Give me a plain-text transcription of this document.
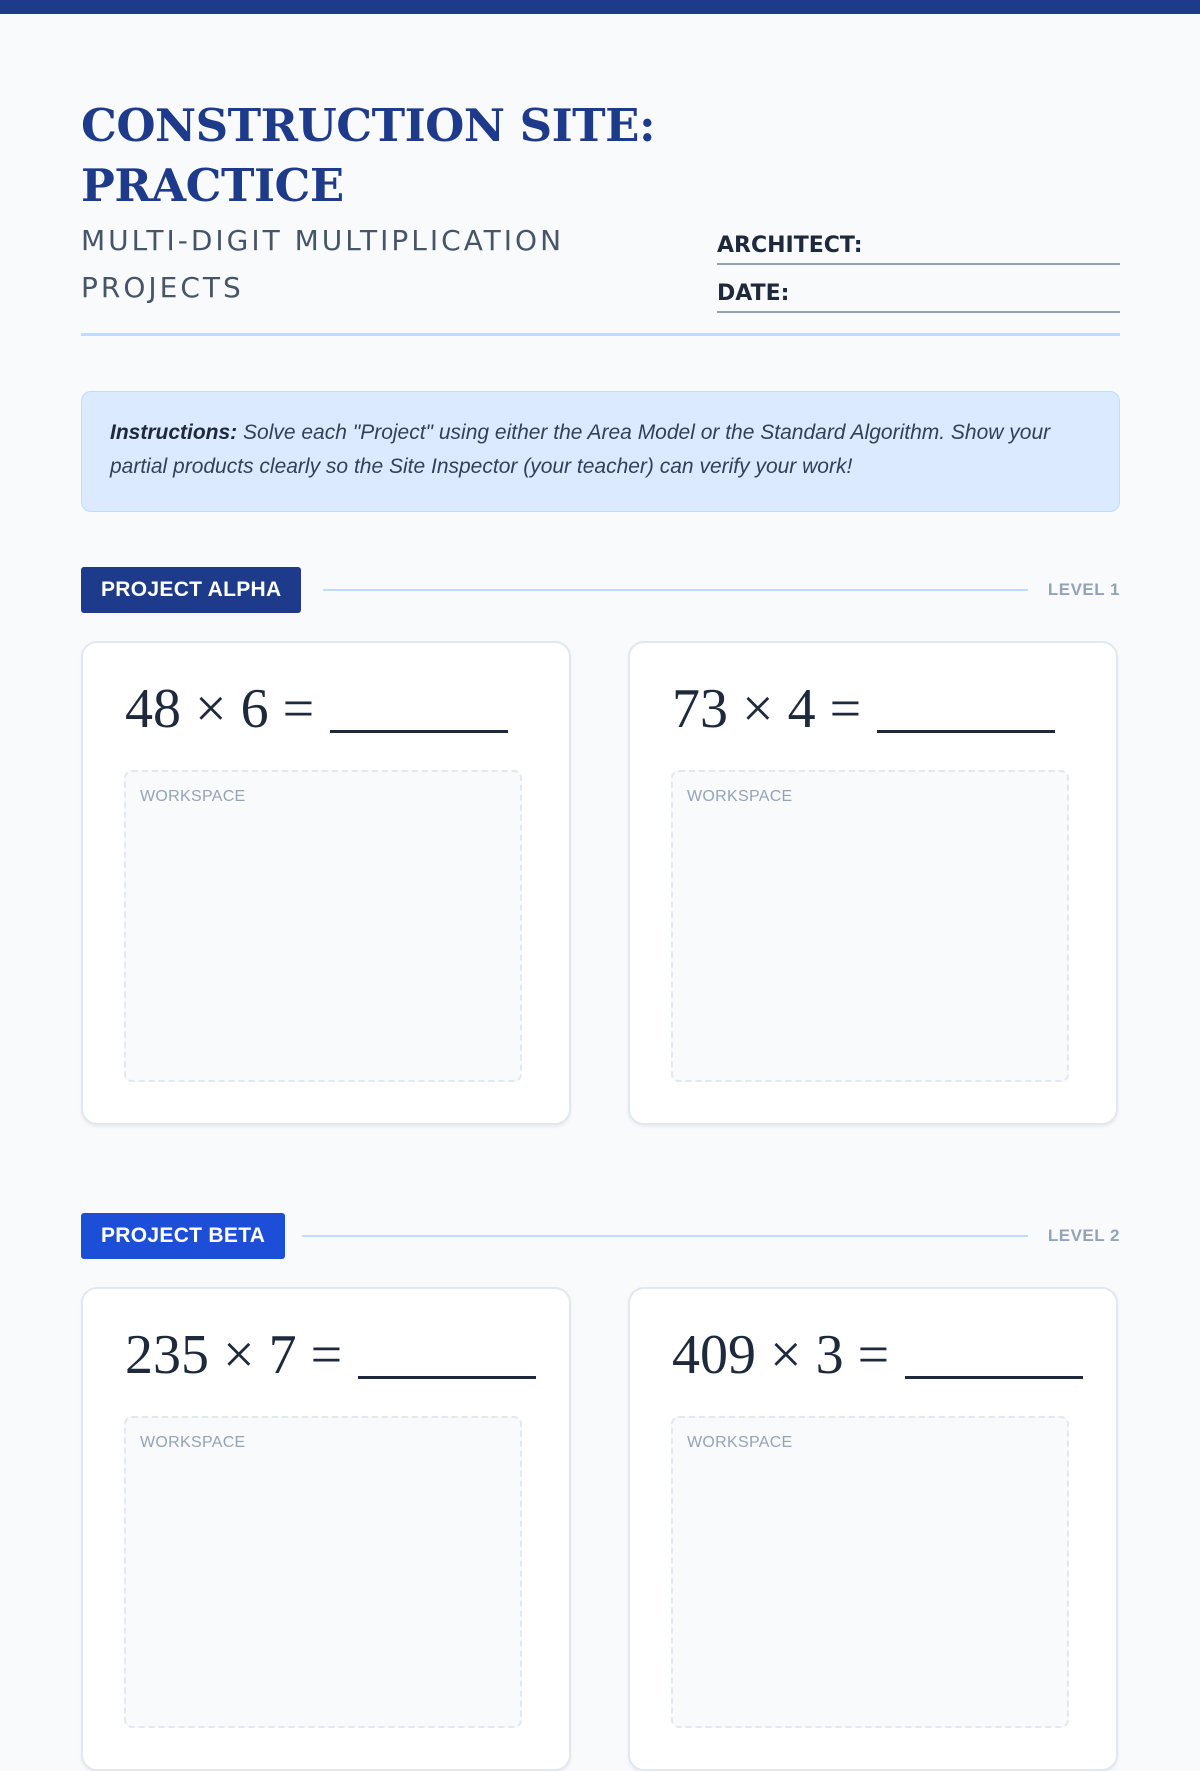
CONSTRUCTION SITE:
PRACTICE
MULTI-DIGIT MULTIPLICATION PROJECTS
ARCHITECT:
DATE:
Instructions: Solve each "Project" using either the Area Model or the Standard Algorithm. Show your partial products clearly so the Site Inspector (your teacher) can verify your work!
PROJECT ALPHA	LEVEL 1
48 × 6 =
WORKSPACE
73 × 4 =
WORKSPACE
PROJECT BETA	LEVEL 2
235 × 7 =
WORKSPACE
409 × 3 =
WORKSPACE
